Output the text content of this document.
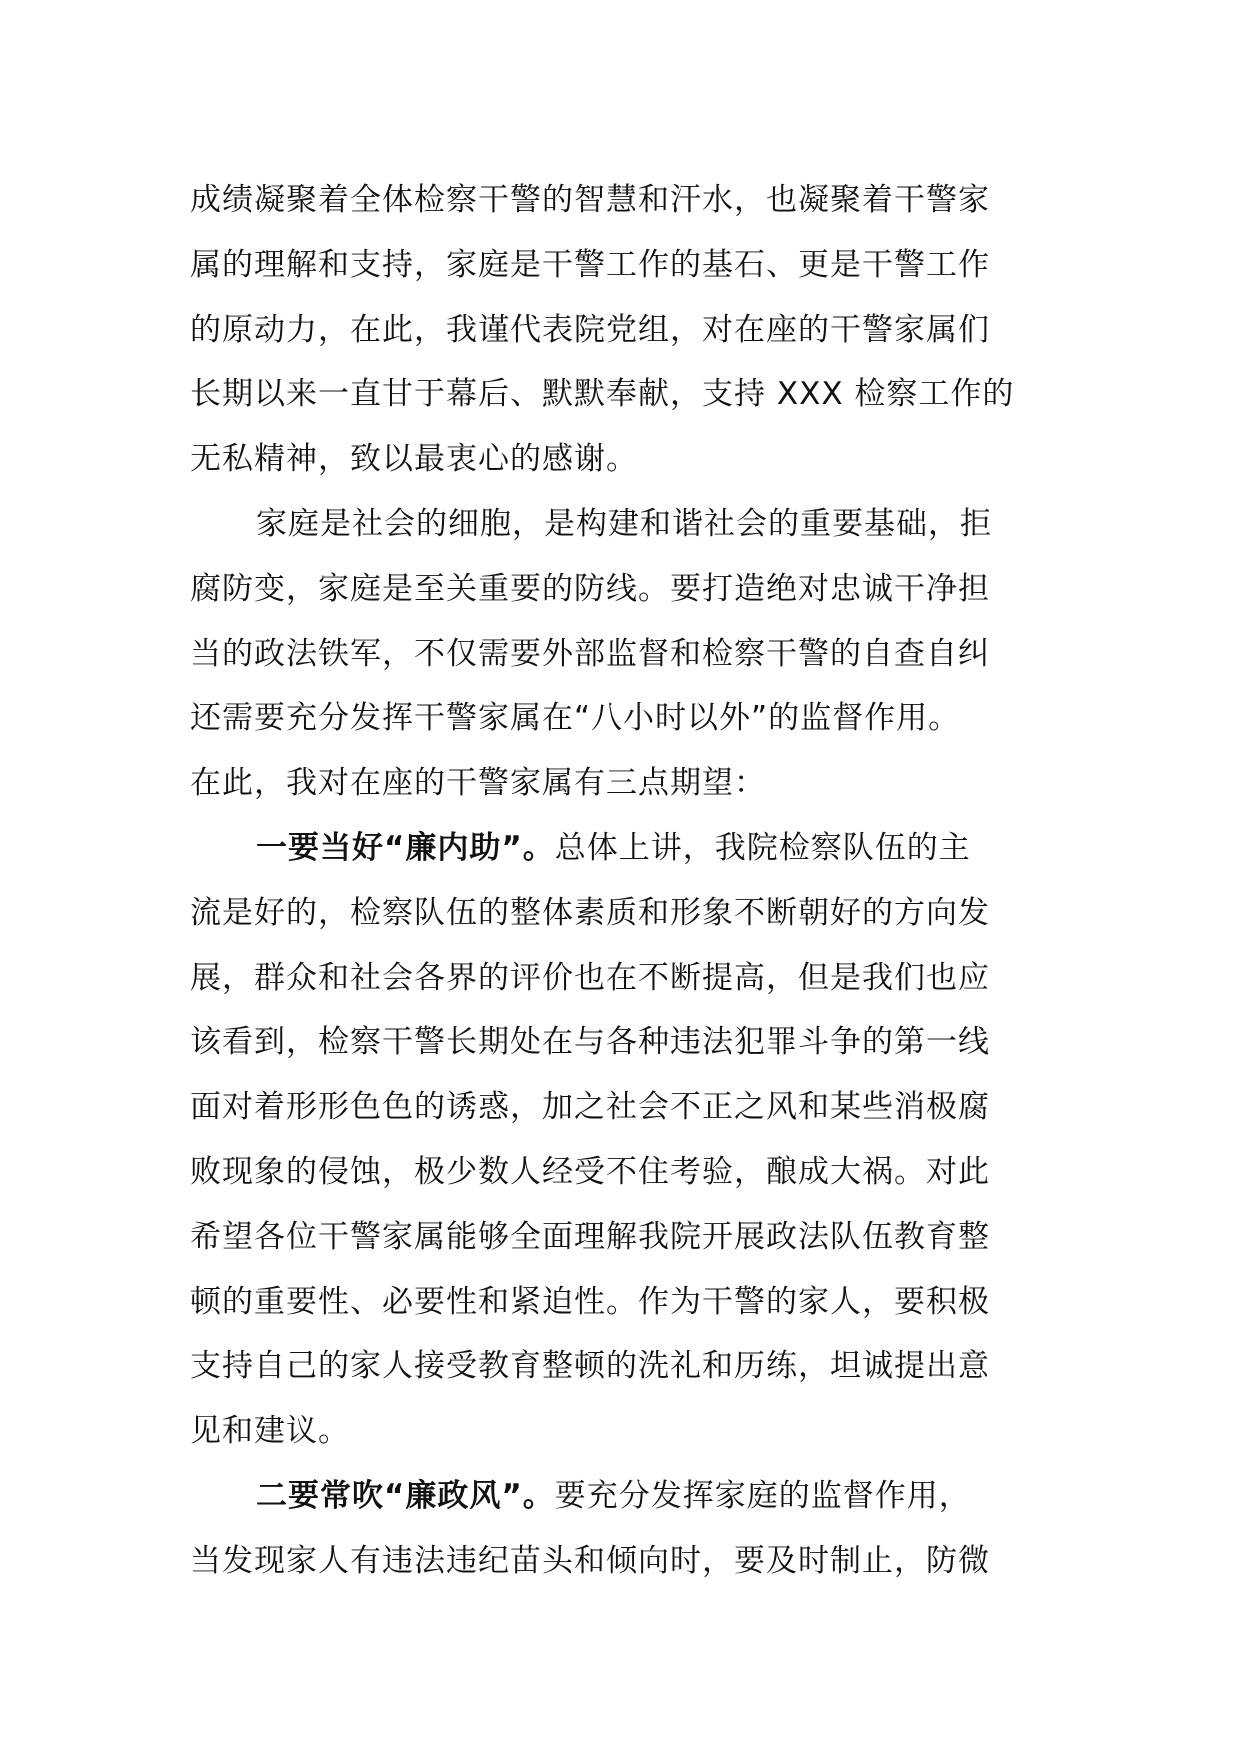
成绩凝聚着全体检察干警的智慧和汗水，也凝聚着干警家
属的理解和支持，家庭是干警工作的基石、更是干警工作
的原动力，在此，我谨代表院党组，对在座的干警家属们
长期以来一直甘于幕后、默默奉献，支持 XXX 检察工作的
无私精神，致以最衷心的感谢。
家庭是社会的细胞，是构建和谐社会的重要基础，拒
腐防变，家庭是至关重要的防线。要打造绝对忠诚干净担
当的政法铁军，不仅需要外部监督和检察干警的自查自纠
还需要充分发挥干警家属在“八小时以外”的监督作用。
在此，我对在座的干警家属有三点期望：
一要当好“廉内助”。总体上讲，我院检察队伍的主
流是好的，检察队伍的整体素质和形象不断朝好的方向发
展，群众和社会各界的评价也在不断提高，但是我们也应
该看到，检察干警长期处在与各种违法犯罪斗争的第一线
面对着形形色色的诱惑，加之社会不正之风和某些消极腐
败现象的侵蚀，极少数人经受不住考验，酿成大祸。对此
希望各位干警家属能够全面理解我院开展政法队伍教育整
顿的重要性、必要性和紧迫性。作为干警的家人，要积极
支持自己的家人接受教育整顿的洗礼和历练，坦诚提出意
见和建议。
二要常吹“廉政风”。要充分发挥家庭的监督作用，
当发现家人有违法违纪苗头和倾向时，要及时制止，防微
